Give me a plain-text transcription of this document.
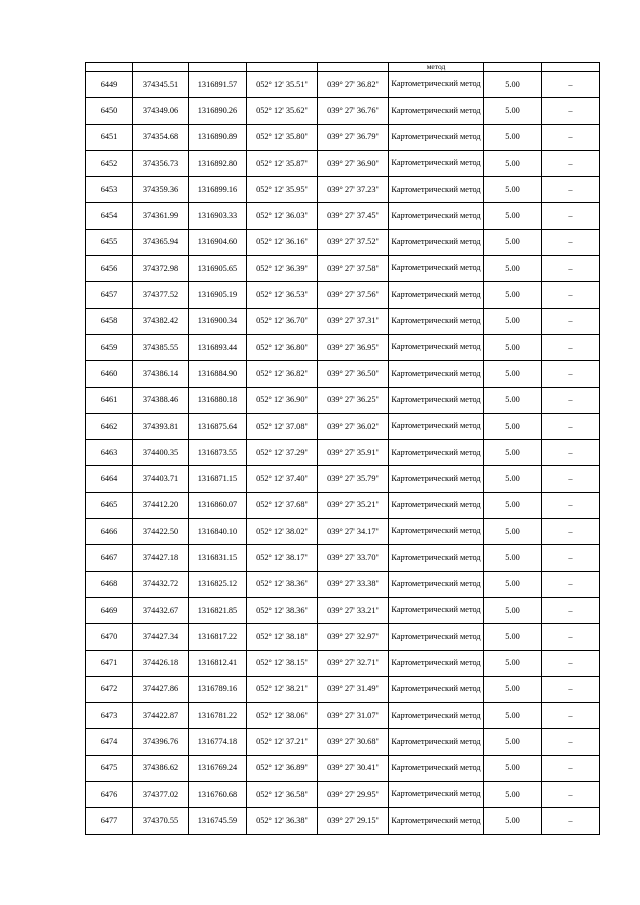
					метод		
6449	374345.51	1316891.57	052° 12' 35.51"	039° 27' 36.82"	Картометрический метод	5.00	–
6450	374349.06	1316890.26	052° 12' 35.62"	039° 27' 36.76"	Картометрический метод	5.00	–
6451	374354.68	1316890.89	052° 12' 35.80"	039° 27' 36.79"	Картометрический метод	5.00	–
6452	374356.73	1316892.80	052° 12' 35.87"	039° 27' 36.90"	Картометрический метод	5.00	–
6453	374359.36	1316899.16	052° 12' 35.95"	039° 27' 37.23"	Картометрический метод	5.00	–
6454	374361.99	1316903.33	052° 12' 36.03"	039° 27' 37.45"	Картометрический метод	5.00	–
6455	374365.94	1316904.60	052° 12' 36.16"	039° 27' 37.52"	Картометрический метод	5.00	–
6456	374372.98	1316905.65	052° 12' 36.39"	039° 27' 37.58"	Картометрический метод	5.00	–
6457	374377.52	1316905.19	052° 12' 36.53"	039° 27' 37.56"	Картометрический метод	5.00	–
6458	374382.42	1316900.34	052° 12' 36.70"	039° 27' 37.31"	Картометрический метод	5.00	–
6459	374385.55	1316893.44	052° 12' 36.80"	039° 27' 36.95"	Картометрический метод	5.00	–
6460	374386.14	1316884.90	052° 12' 36.82"	039° 27' 36.50"	Картометрический метод	5.00	–
6461	374388.46	1316880.18	052° 12' 36.90"	039° 27' 36.25"	Картометрический метод	5.00	–
6462	374393.81	1316875.64	052° 12' 37.08"	039° 27' 36.02"	Картометрический метод	5.00	–
6463	374400.35	1316873.55	052° 12' 37.29"	039° 27' 35.91"	Картометрический метод	5.00	–
6464	374403.71	1316871.15	052° 12' 37.40"	039° 27' 35.79"	Картометрический метод	5.00	–
6465	374412.20	1316860.07	052° 12' 37.68"	039° 27' 35.21"	Картометрический метод	5.00	–
6466	374422.50	1316840.10	052° 12' 38.02"	039° 27' 34.17"	Картометрический метод	5.00	–
6467	374427.18	1316831.15	052° 12' 38.17"	039° 27' 33.70"	Картометрический метод	5.00	–
6468	374432.72	1316825.12	052° 12' 38.36"	039° 27' 33.38"	Картометрический метод	5.00	–
6469	374432.67	1316821.85	052° 12' 38.36"	039° 27' 33.21"	Картометрический метод	5.00	–
6470	374427.34	1316817.22	052° 12' 38.18"	039° 27' 32.97"	Картометрический метод	5.00	–
6471	374426.18	1316812.41	052° 12' 38.15"	039° 27' 32.71"	Картометрический метод	5.00	–
6472	374427.86	1316789.16	052° 12' 38.21"	039° 27' 31.49"	Картометрический метод	5.00	–
6473	374422.87	1316781.22	052° 12' 38.06"	039° 27' 31.07"	Картометрический метод	5.00	–
6474	374396.76	1316774.18	052° 12' 37.21"	039° 27' 30.68"	Картометрический метод	5.00	–
6475	374386.62	1316769.24	052° 12' 36.89"	039° 27' 30.41"	Картометрический метод	5.00	–
6476	374377.02	1316760.68	052° 12' 36.58"	039° 27' 29.95"	Картометрический метод	5.00	–
6477	374370.55	1316745.59	052° 12' 36.38"	039° 27' 29.15"	Картометрический метод	5.00	–
